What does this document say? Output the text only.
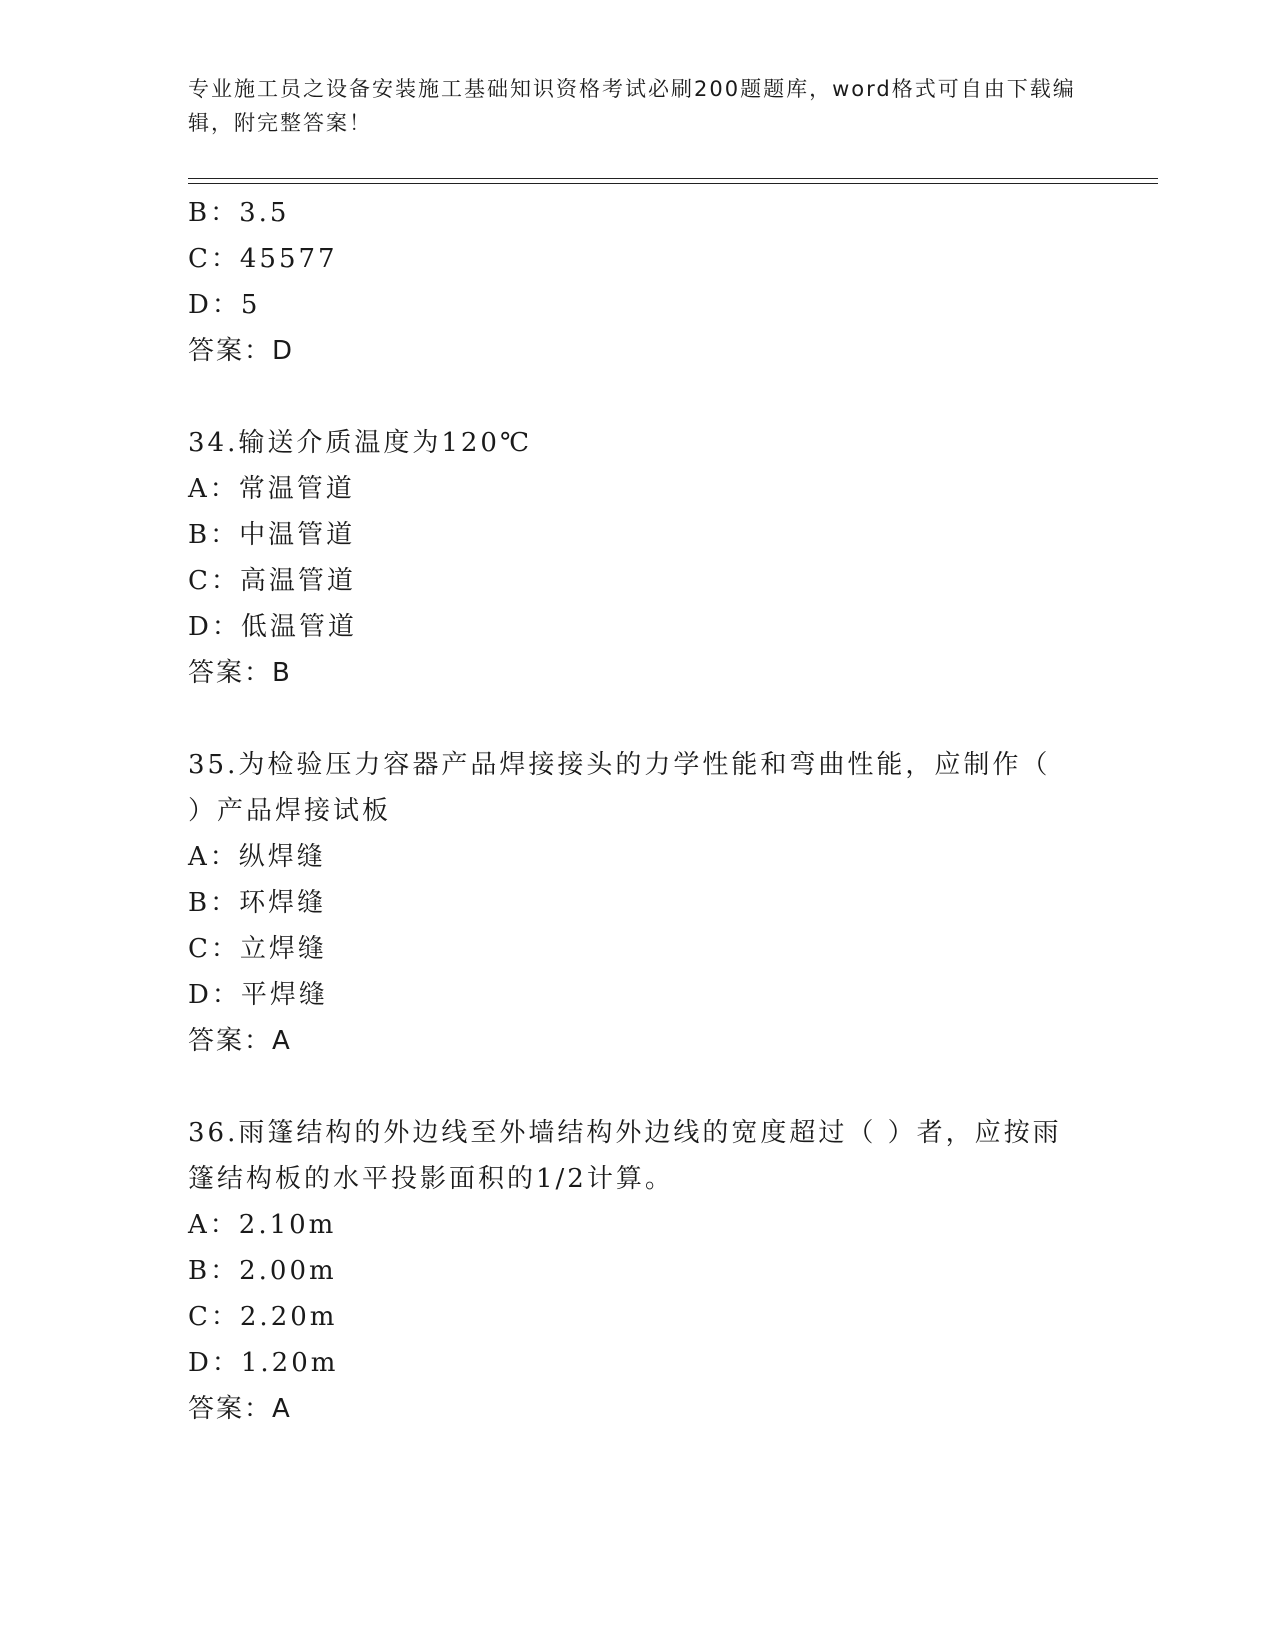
专业施工员之设备安装施工基础知识资格考试必刷200题题库，word格式可自由下载编辑，附完整答案！
B：3.5
C：45577
D：5
答案：D
34.输送介质温度为120℃
A：常温管道
B：中温管道
C：高温管道
D：低温管道
答案：B
35.为检验压力容器产品焊接接头的力学性能和弯曲性能，应制作（
）产品焊接试板
A：纵焊缝
B：环焊缝
C：立焊缝
D：平焊缝
答案：A
36.雨篷结构的外边线至外墙结构外边线的宽度超过（ ）者，应按雨
篷结构板的水平投影面积的1/2计算。
A：2.10m
B：2.00m
C：2.20m
D：1.20m
答案：A
